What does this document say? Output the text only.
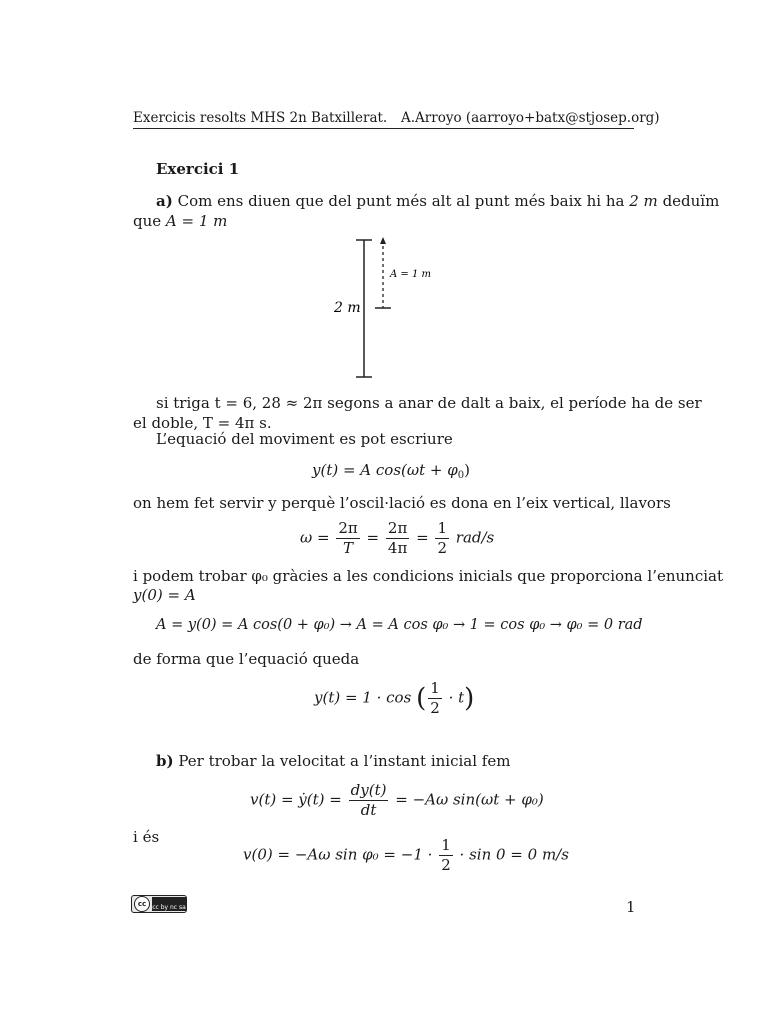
Exercicis resolts MHS 2n Batxillerat. A.Arroyo (aarroyo+batx@stjosep.org)
Exercici 1
a) Com ens diuen que del punt més alt al punt més baix hi ha 2 m deduïm
que A = 1 m
2 m
A = 1 m
si triga t = 6, 28 ≈ 2π segons a anar de dalt a baix, el període ha de ser
el doble, T = 4π s.
L’equació del moviment es pot escriure
y(t) = A $\cos(\omega t + \varphi_0)$
on hem fet servir y perquè l’oscil·lació es dona en l’eix vertical, llavors
$\omega = \frac{2\pi}{T} = \frac{2\pi}{4\pi} = \frac{1}{2} rad/s$
i podem trobar φ₀ gràcies a les condicions inicials que proporciona l’enunciat
y(0) = A
A = y(0) = A cos(0 + φ₀) → A = A cos φ₀ → 1 = cos φ₀ → φ₀ = 0 rad
de forma que l’equació queda
y(t) = 1 · cos ( $\frac{1}{2} \cdot t$)
b) Per trobar la velocitat a l’instant inicial fem
v(t) = ẏ(t) = $\frac{dy(t)}{dt} = -A\omega$ sin(ωt + φ₀)
i és
v(0) = −Aω $\sin \varphi_0 = -1 \cdot \frac{1}{2} \cdot \sin 0 = 0$ m/s
cc	cc by nc sa	1
